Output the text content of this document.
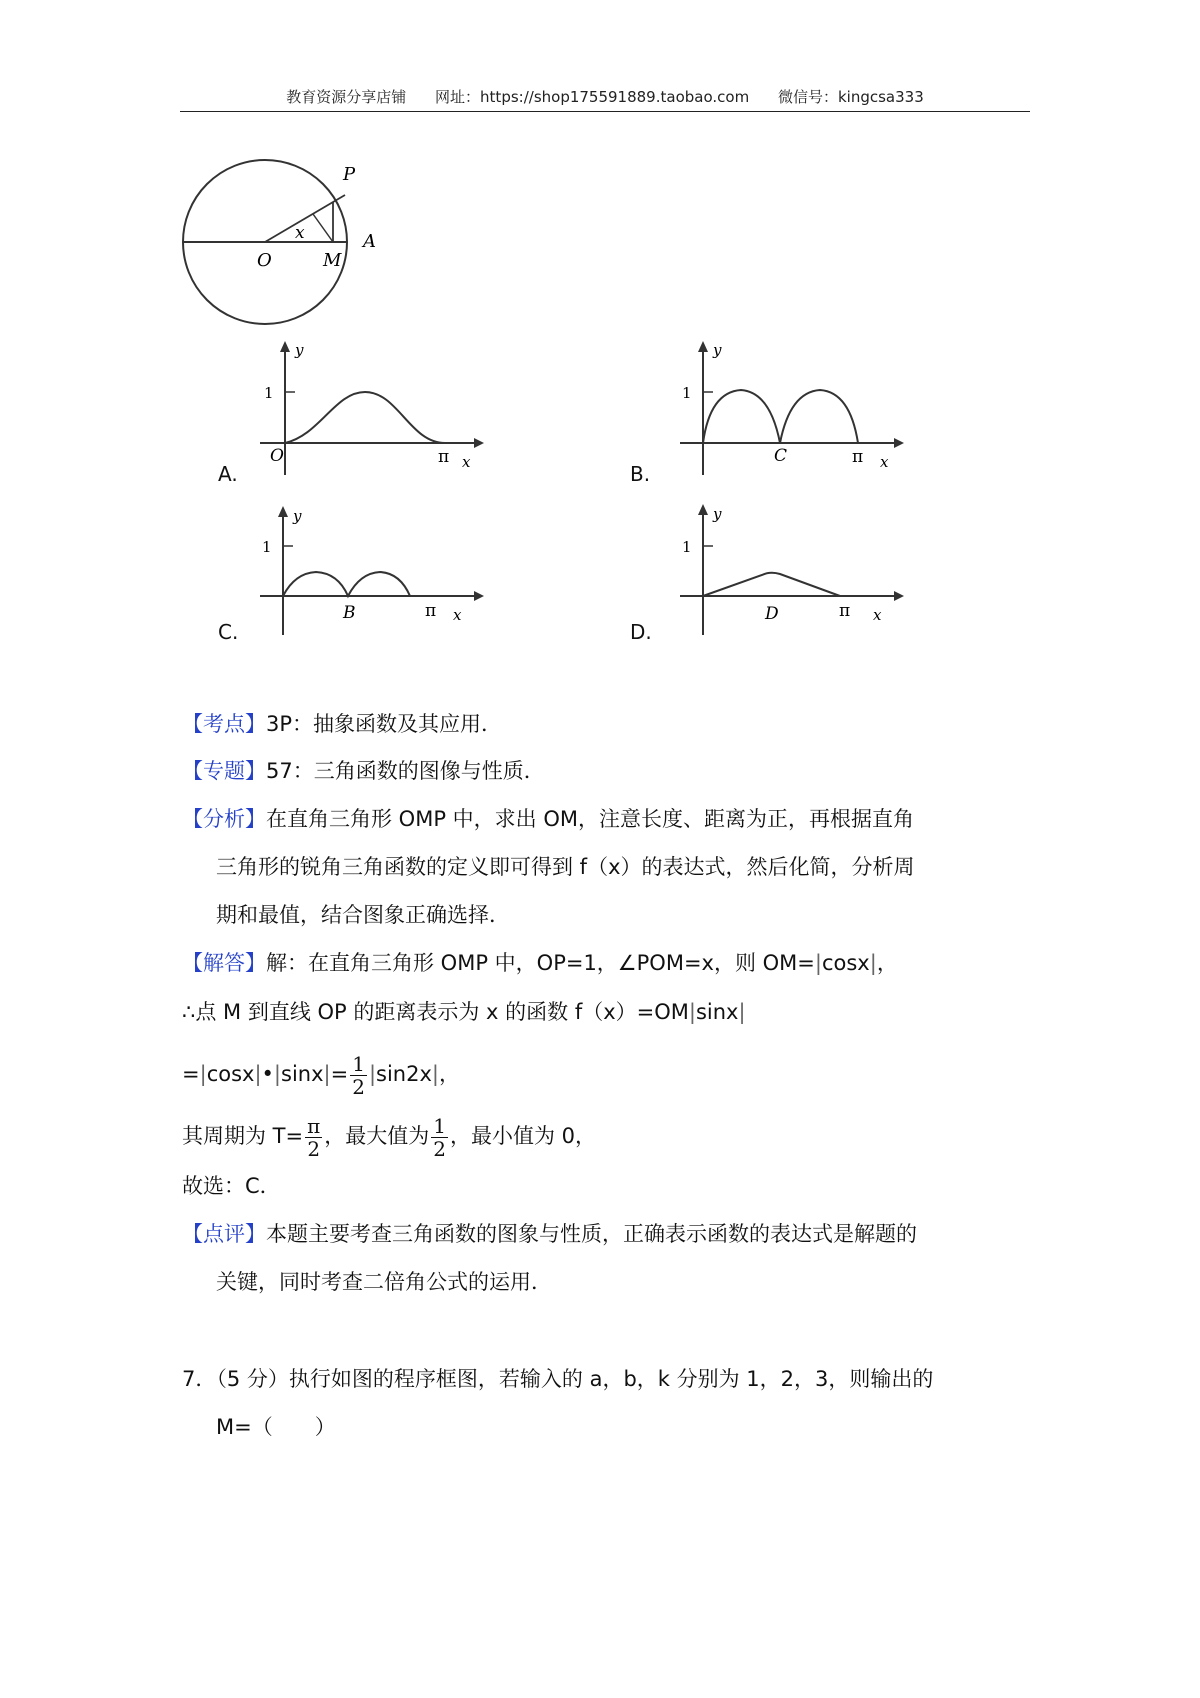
教育资源分享店铺 网址：https://shop175591889.taobao.com 微信号：kingcsa333
P
x
O	M
A
y
1
O	π x
A.
y
1
C	π x
B.
y
1
B	π x
C.
y
1
D	π x
D.
【考点】3P：抽象函数及其应用．
【专题】57：三角函数的图像与性质．
【分析】在直角三角形 OMP 中，求出 OM，注意长度、距离为正，再根据直角
三角形的锐角三角函数的定义即可得到 f（x）的表达式，然后化简，分析周
期和最值，结合图象正确选择．
【解答】解：在直角三角形 OMP 中，OP=1，∠POM=x，则 OM=|cosx|，
∴点 M 到直线 OP 的距离表示为 x 的函数 f（x）=OM|sinx|
=|cosx|•|sinx|= $\frac{1}{2} |\sin 2x|$，
其周期为 $T= \frac{\pi}{2}$ ，最大值为 $\frac{1}{2}$ ，最小值为 0，
故选：C．
【点评】本题主要考查三角函数的图象与性质，正确表示函数的表达式是解题的
关键，同时考查二倍角公式的运用．
7．（5 分）执行如图的程序框图，若输入的 a，b，k 分别为 1，2，3，则输出的
M=（　　）
